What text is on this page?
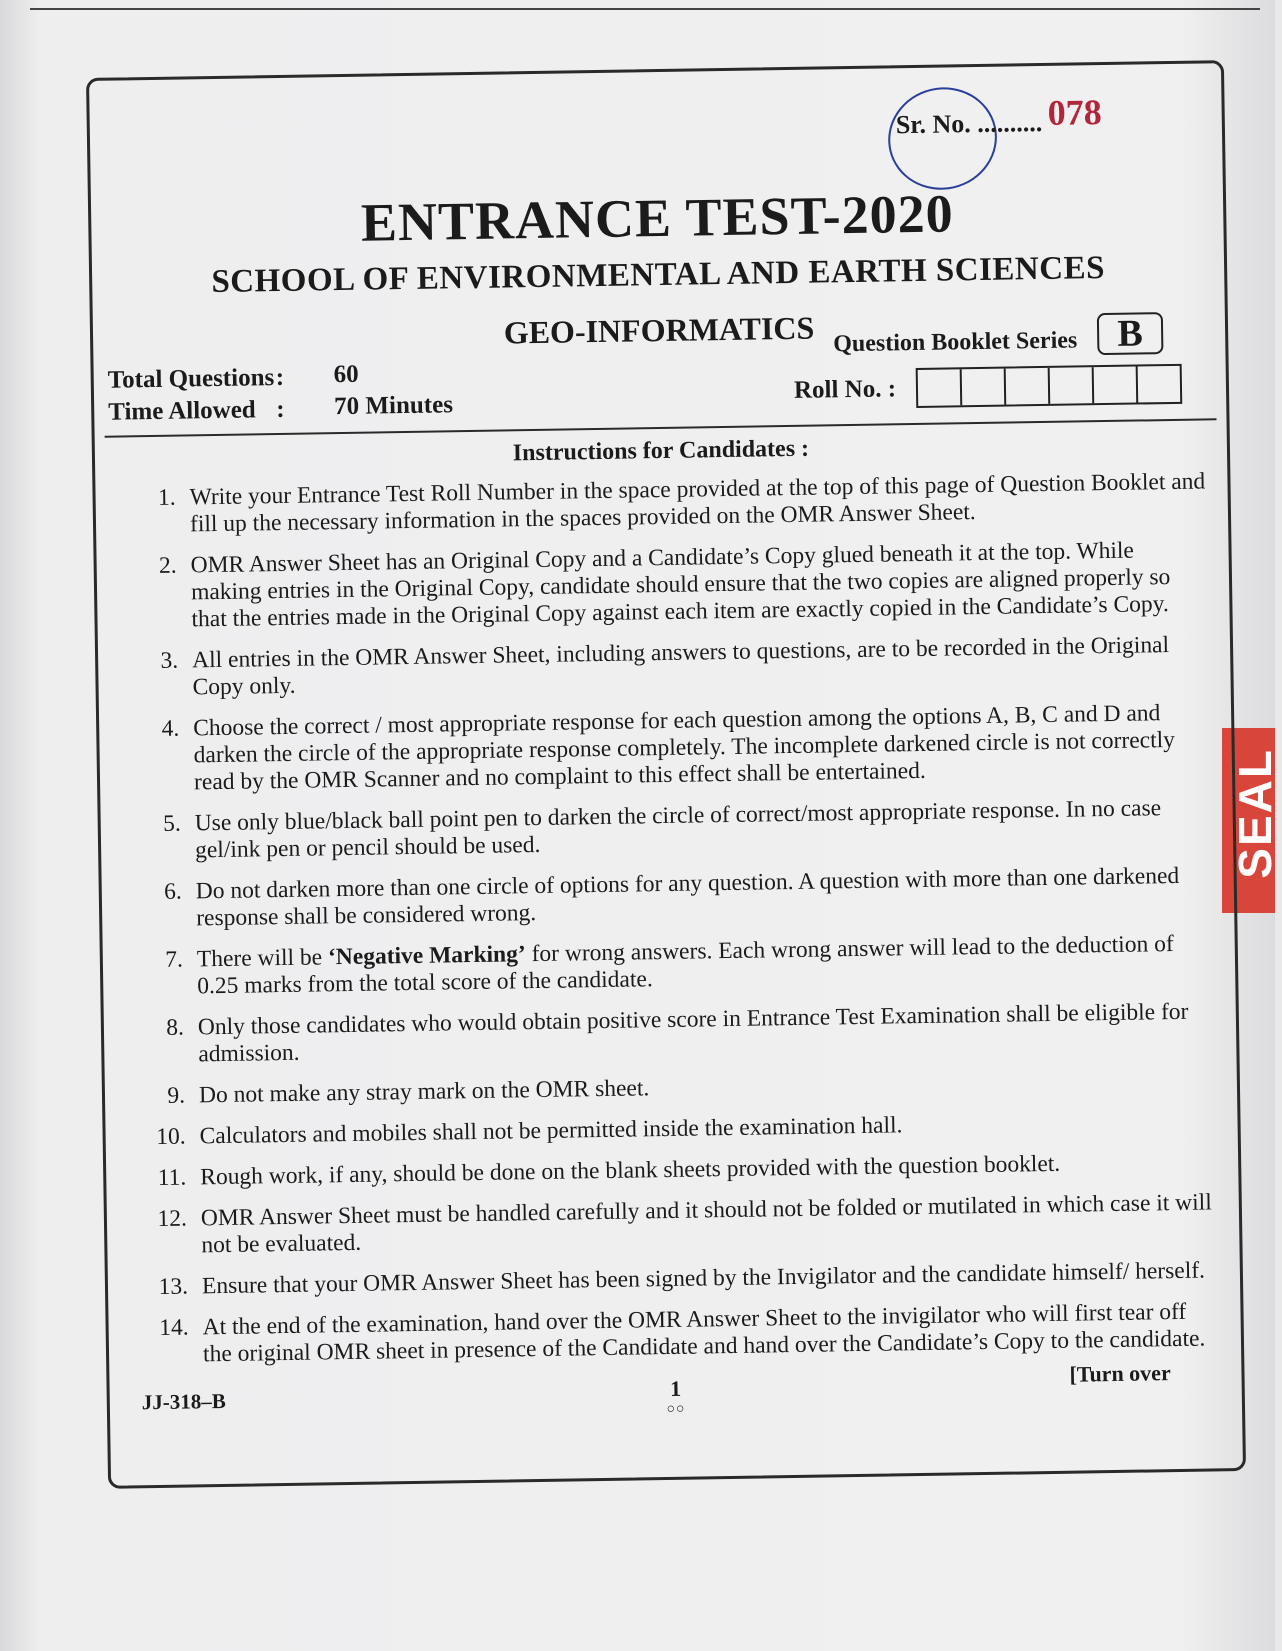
SEAL
Sr. No. .......... 078
ENTRANCE TEST-2020
SCHOOL OF ENVIRONMENTAL AND EARTH SCIENCES
GEO-INFORMATICS Question Booklet Series	B
Total Questions : 60
Time Allowed : 70 Minutes
Roll No. :
Instructions for Candidates :
1. Write your Entrance Test Roll Number in the space provided at the top of this page of Question Booklet and fill up the necessary information in the spaces provided on the OMR Answer Sheet.
2. OMR Answer Sheet has an Original Copy and a Candidate’s Copy glued beneath it at the top. While making entries in the Original Copy, candidate should ensure that the two copies are aligned properly so that the entries made in the Original Copy against each item are exactly copied in the Candidate’s Copy.
3. All entries in the OMR Answer Sheet, including answers to questions, are to be recorded in the Original Copy only.
4. Choose the correct / most appropriate response for each question among the options A, B, C and D and darken the circle of the appropriate response completely. The incomplete darkened circle is not correctly read by the OMR Scanner and no complaint to this effect shall be entertained.
5. Use only blue/black ball point pen to darken the circle of correct/most appropriate response. In no case gel/ink pen or pencil should be used.
6. Do not darken more than one circle of options for any question. A question with more than one darkened response shall be considered wrong.
7. There will be ‘Negative Marking’ for wrong answers. Each wrong answer will lead to the deduction of 0.25 marks from the total score of the candidate.
8. Only those candidates who would obtain positive score in Entrance Test Examination shall be eligible for admission.
9. Do not make any stray mark on the OMR sheet.
10. Calculators and mobiles shall not be permitted inside the examination hall.
11. Rough work, if any, should be done on the blank sheets provided with the question booklet.
12. OMR Answer Sheet must be handled carefully and it should not be folded or mutilated in which case it will not be evaluated.
13. Ensure that your OMR Answer Sheet has been signed by the Invigilator and the candidate himself/ herself.
14. At the end of the examination, hand over the OMR Answer Sheet to the invigilator who will first tear off the original OMR sheet in presence of the Candidate and hand over the Candidate’s Copy to the candidate.
JJ-318–B
1
○○
[Turn over
